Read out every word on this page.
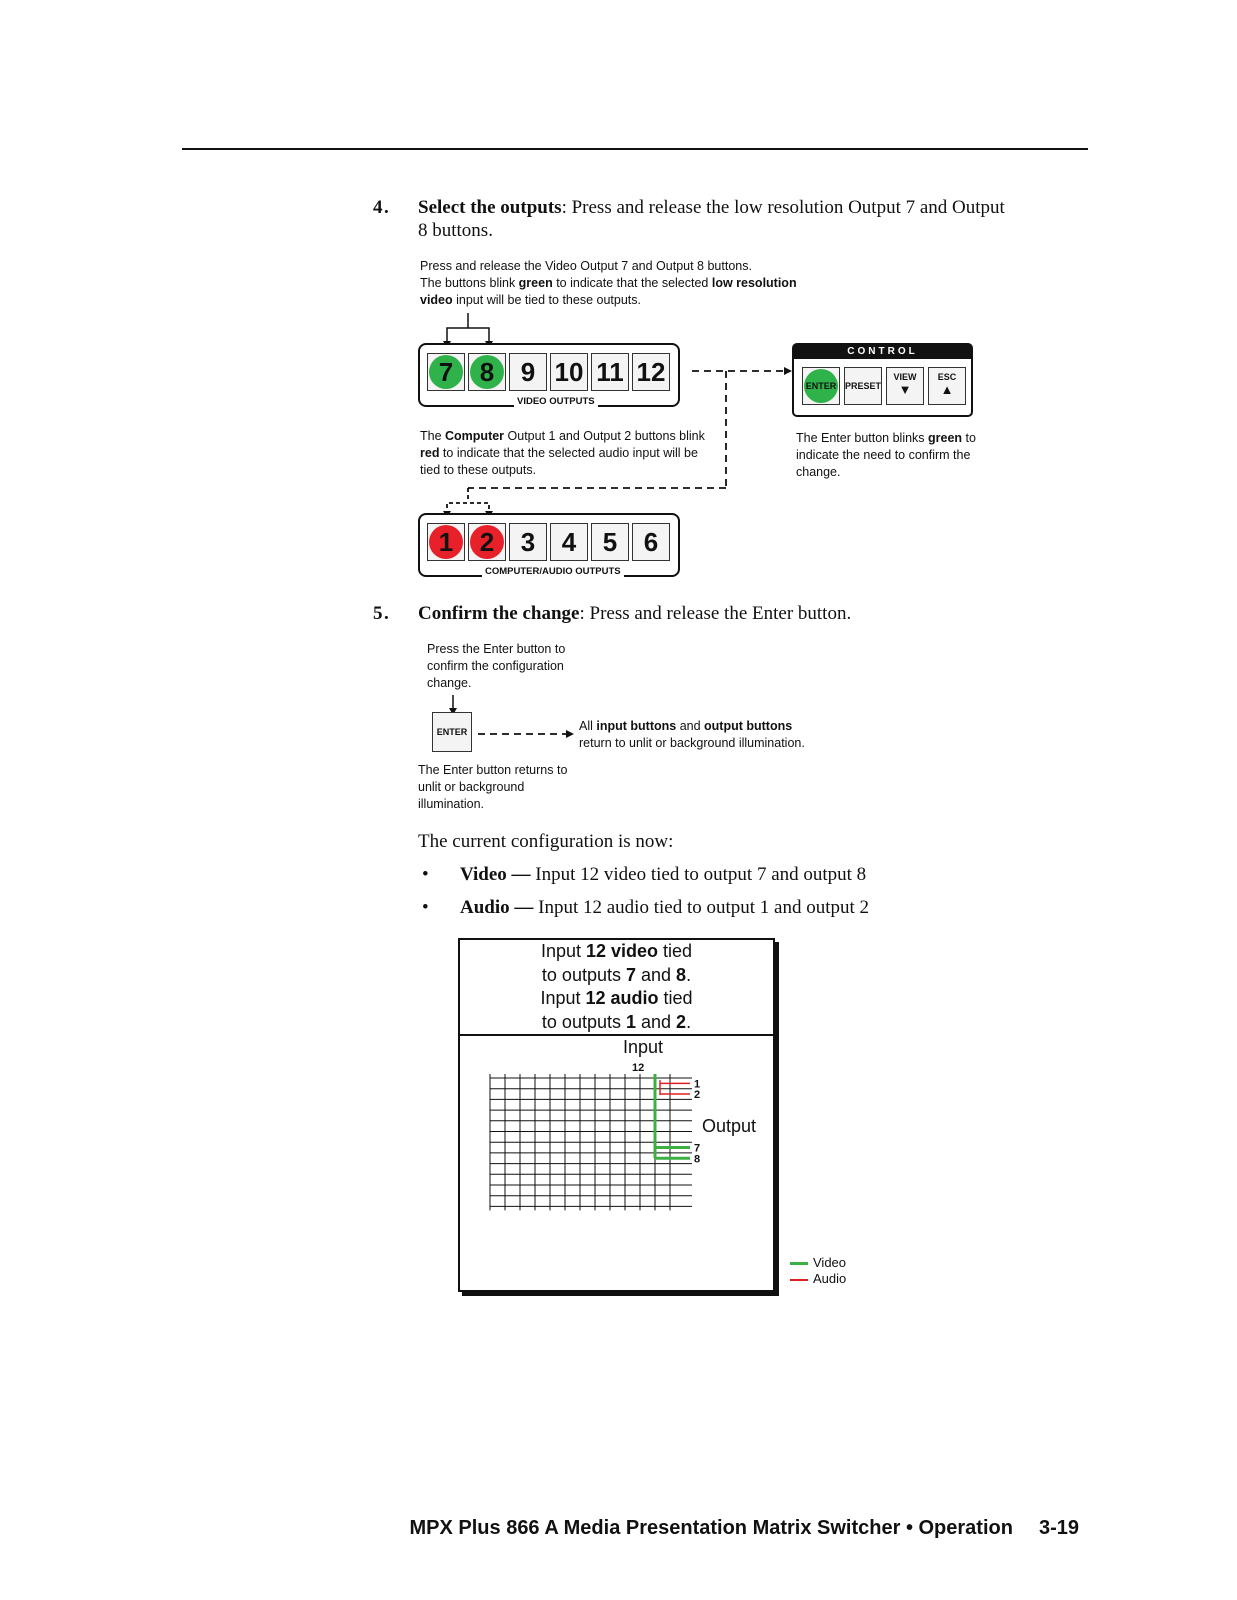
4 . Select the outputs: Press and release the low resolution Output 7 and Output 8 buttons.
Press and release the Video Output 7 and Output 8 buttons.
The buttons blink green to indicate that the selected low resolution video input will be tied to these outputs.
7 8 9 10 11 12
VIDEO OUTPUTS
CONTROL
ENTER PRESET
VIEW
▼
ESC
▲
The Computer Output 1 and Output 2 buttons blink red to indicate that the selected audio input will be tied to these outputs.
The Enter button blinks green to indicate the need to confirm the change.
1 2 3 4 5 6
COMPUTER/AUDIO OUTPUTS
5 . Confirm the change: Press and release the Enter button.
Press the Enter button to confirm the configuration change.
ENTER	All input buttons and output buttons
return to unlit or background illumination.
The Enter button returns to unlit or background illumination.
The current configuration is now:
• Video — Input 12 video tied to output 7 and output 8
• Audio — Input 12 audio tied to output 1 and output 2
Input 12 video tied
to outputs 7 and 8.
Input 12 audio tied
to outputs 1 and 2.
Input
12
Output
1
2
7
8
Video
Audio
MPX Plus 866 A Media Presentation Matrix Switcher • Operation 3-19
